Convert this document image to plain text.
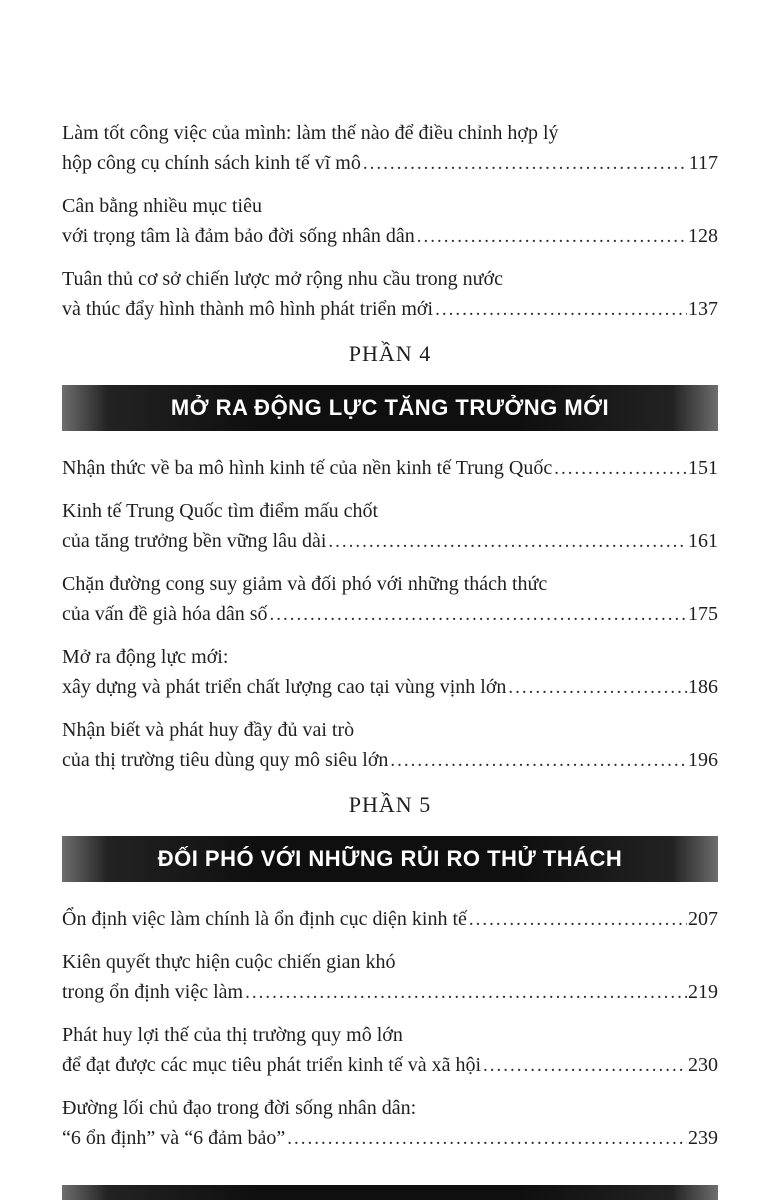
Làm tốt công việc của mình: làm thế nào để điều chỉnh hợp lý
hộp công cụ chính sách kinh tế vĩ mô .....	117
Cân bằng nhiều mục tiêu
với trọng tâm là đảm bảo đời sống nhân dân .....	128
Tuân thủ cơ sở chiến lược mở rộng nhu cầu trong nước
và thúc đẩy hình thành mô hình phát triển mới .....	137
PHẦN 4
MỞ RA ĐỘNG LỰC TĂNG TRƯỞNG MỚI
Nhận thức về ba mô hình kinh tế của nền kinh tế Trung Quốc .....	151
Kinh tế Trung Quốc tìm điểm mấu chốt
của tăng trưởng bền vững lâu dài .....	161
Chặn đường cong suy giảm và đối phó với những thách thức
của vấn đề già hóa dân số .....	175
Mở ra động lực mới:
xây dựng và phát triển chất lượng cao tại vùng vịnh lớn .....	186
Nhận biết và phát huy đầy đủ vai trò
của thị trường tiêu dùng quy mô siêu lớn .....	196
PHẦN 5
ĐỐI PHÓ VỚI NHỮNG RỦI RO THỬ THÁCH
Ổn định việc làm chính là ổn định cục diện kinh tế .....	207
Kiên quyết thực hiện cuộc chiến gian khó
trong ổn định việc làm .....	219
Phát huy lợi thế của thị trường quy mô lớn
để đạt được các mục tiêu phát triển kinh tế và xã hội .....	230
Đường lối chủ đạo trong đời sống nhân dân:
“6 ổn định” và “6 đảm bảo” .....	239
